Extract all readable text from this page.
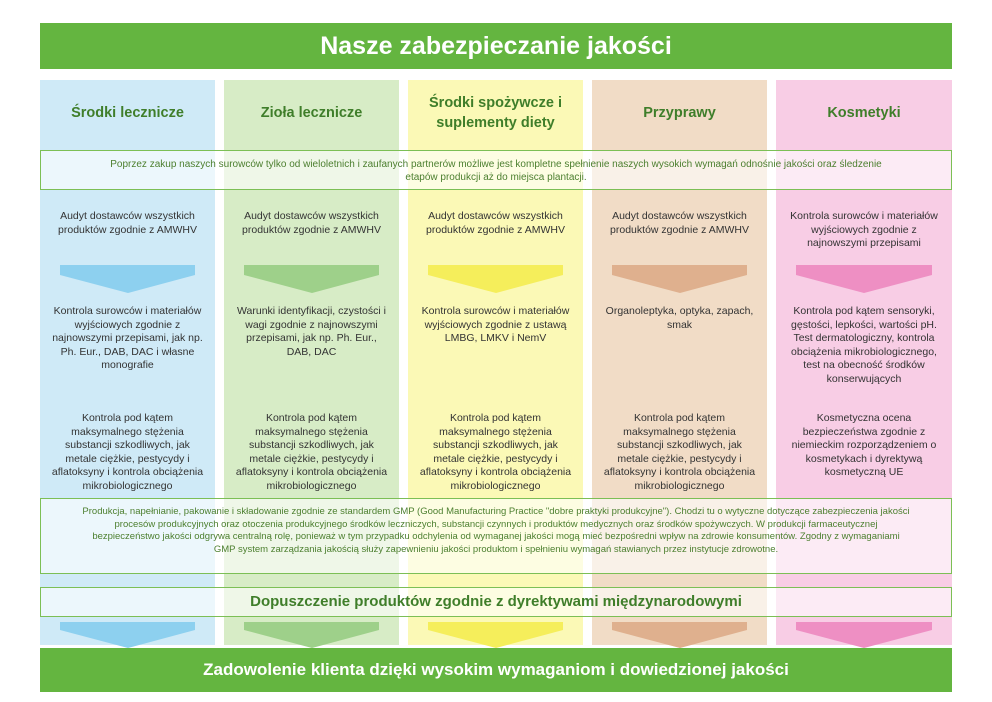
Nasze zabezpieczanie jakości
Środki lecznicze	Zioła lecznicze
Środki spożywcze i suplementy diety
Przyprawy	Kosmetyki
Poprzez zakup naszych surowców tylko od wieloletnich i zaufanych partnerów możliwe jest kompletne spełnienie naszych wysokich wymagań odnośnie jakości oraz śledzenie etapów produkcji aż do miejsca plantacji.
Audyt dostawców wszystkich produktów zgodnie z AMWHV
Audyt dostawców wszystkich produktów zgodnie z AMWHV
Audyt dostawców wszystkich produktów zgodnie z AMWHV
Audyt dostawców wszystkich produktów zgodnie z AMWHV
Kontrola surowców i materiałów wyjściowych zgodnie z najnowszymi przepisami
Kontrola surowców i materiałów wyjściowych zgodnie z najnowszymi przepisami, jak np. Ph. Eur., DAB, DAC i własne monografie
Warunki identyfikacji, czystości i wagi zgodnie z najnowszymi przepisami, jak np. Ph. Eur., DAB, DAC
Kontrola surowców i materiałów wyjściowych zgodnie z ustawą LMBG, LMKV i NemV
Organoleptyka, optyka, zapach, smak
Kontrola pod kątem sensoryki, gęstości, lepkości, wartości pH. Test dermatologiczny, kontrola obciążenia mikrobiologicznego, test na obecność środków konserwujących
Kontrola pod kątem maksymalnego stężenia substancji szkodliwych, jak metale ciężkie, pestycydy i aflatoksyny i kontrola obciążenia mikrobiologicznego
Kontrola pod kątem maksymalnego stężenia substancji szkodliwych, jak metale ciężkie, pestycydy i aflatoksyny i kontrola obciążenia mikrobiologicznego
Kontrola pod kątem maksymalnego stężenia substancji szkodliwych, jak metale ciężkie, pestycydy i aflatoksyny i kontrola obciążenia mikrobiologicznego
Kontrola pod kątem maksymalnego stężenia substancji szkodliwych, jak metale ciężkie, pestycydy i aflatoksyny i kontrola obciążenia mikrobiologicznego
Kosmetyczna ocena bezpieczeństwa zgodnie z niemieckim rozporządzeniem o kosmetykach i dyrektywą kosmetyczną UE
Produkcja, napełnianie, pakowanie i składowanie zgodnie ze standardem GMP (Good Manufacturing Practice "dobre praktyki produkcyjne"). Chodzi tu o wytyczne dotyczące zabezpieczenia jakości procesów produkcyjnych oraz otoczenia produkcyjnego środków leczniczych, substancji czynnych i produktów medycznych oraz środków spożywczych. W produkcji farmaceutycznej bezpieczeństwo jakości odgrywa centralną rolę, ponieważ w tym przypadku odchylenia od wymaganej jakości mogą mieć bezpośredni wpływ na zdrowie konsumentów. Zgodny z wymaganiami GMP system zarządzania jakością służy zapewnieniu jakości produktom i spełnieniu wymagań stawianych przez instytucje zdrowotne.
Dopuszczenie produktów zgodnie z dyrektywami międzynarodowymi
Zadowolenie klienta dzięki wysokim wymaganiom i dowiedzionej jakości
